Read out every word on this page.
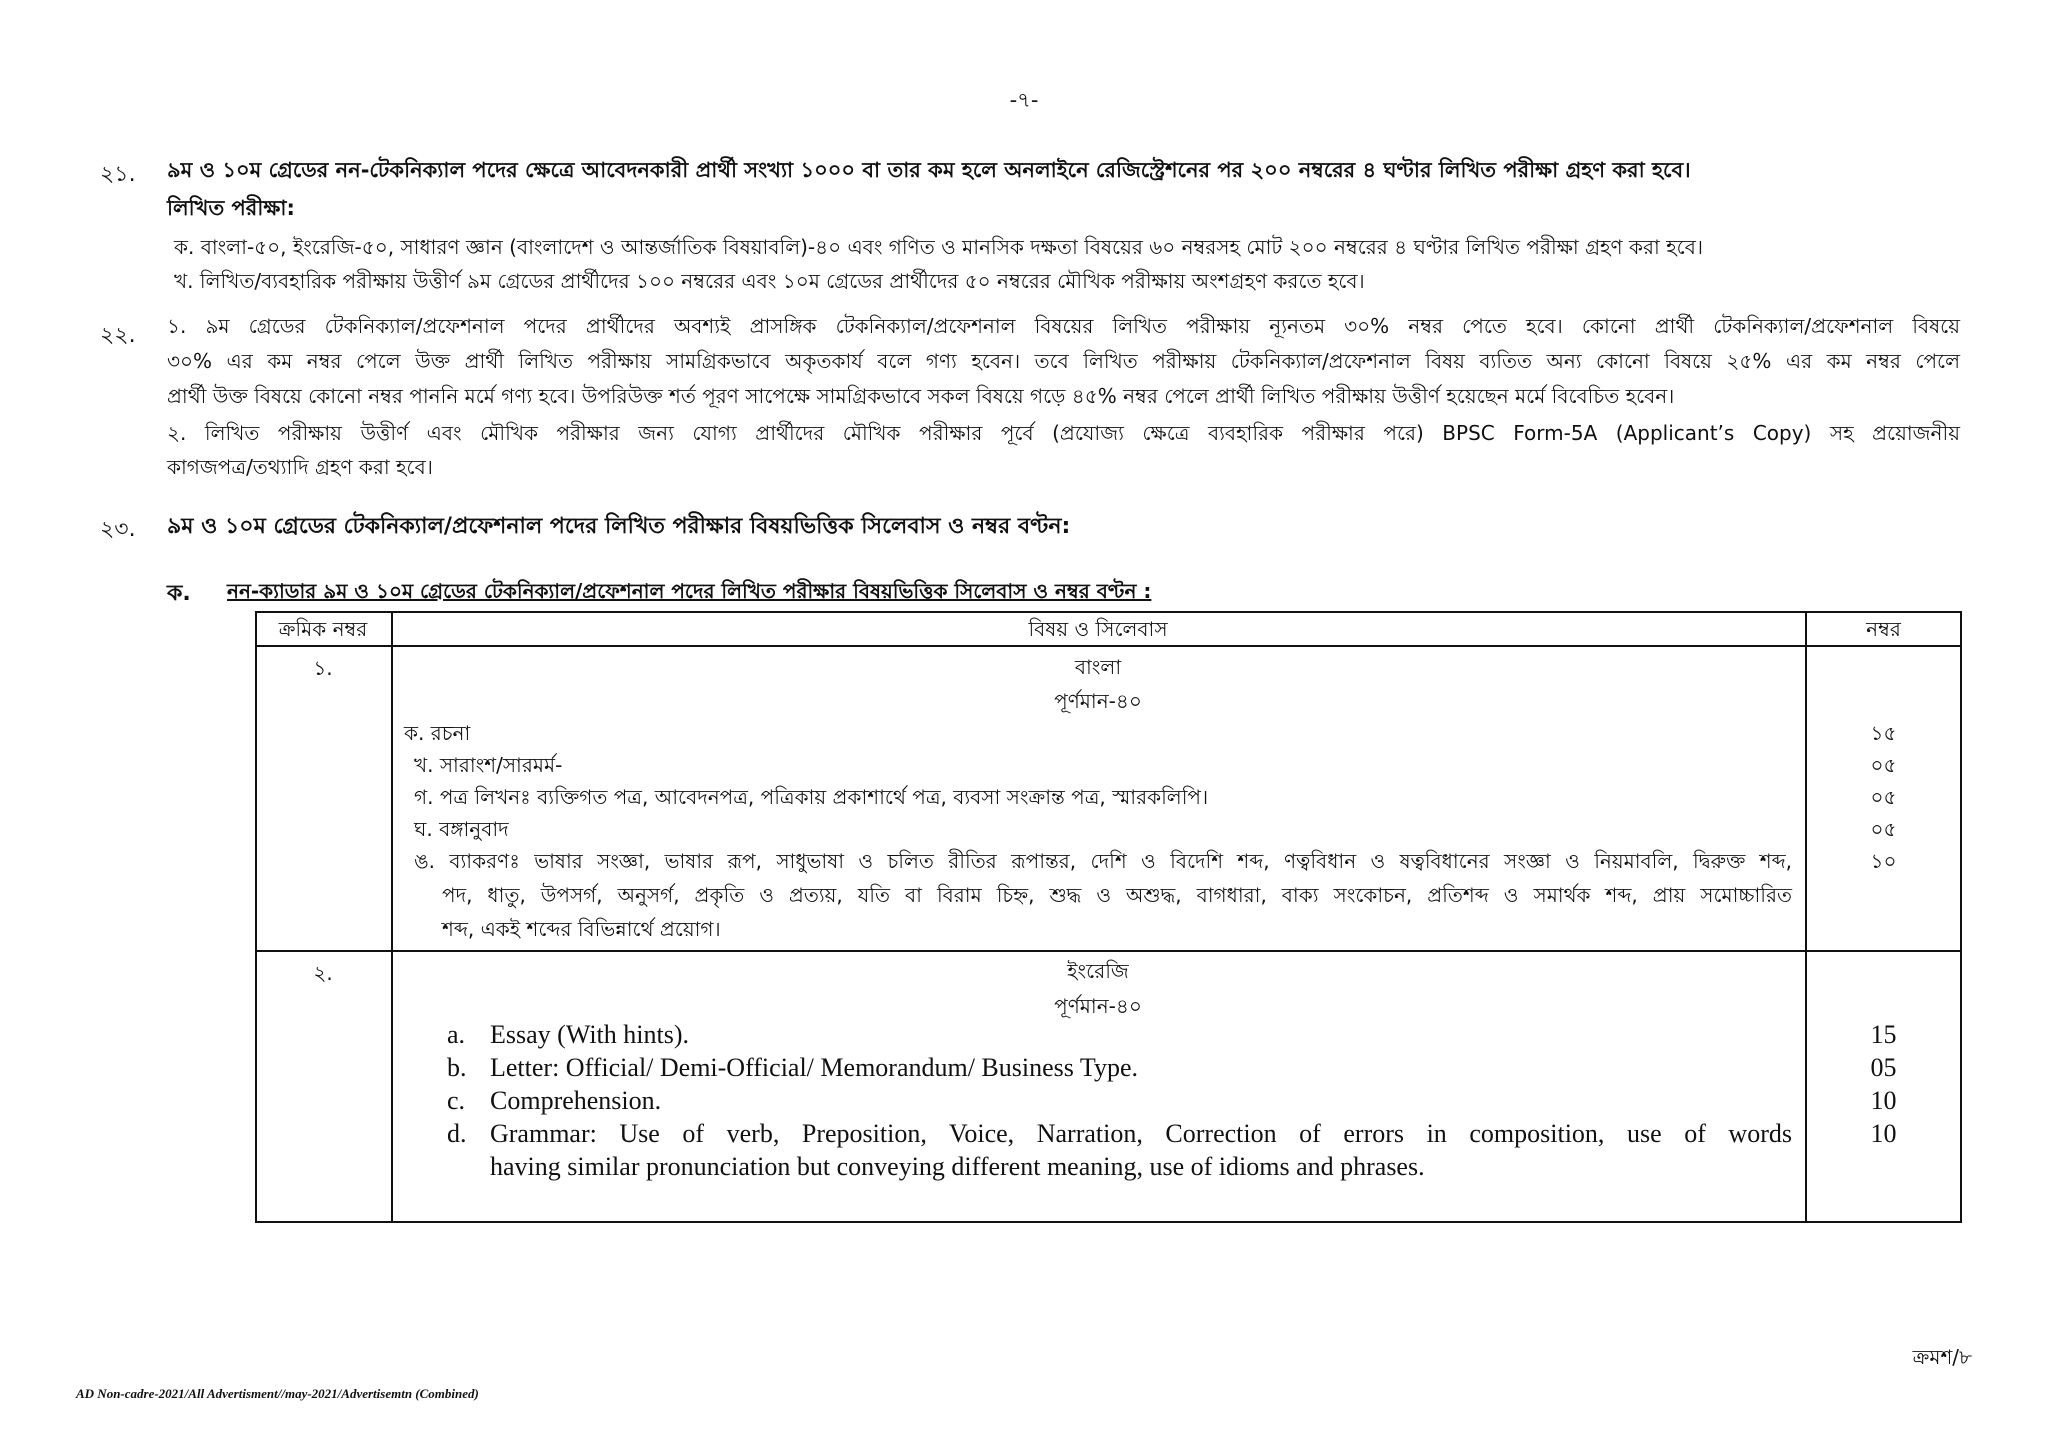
-৭-
২১. ৯ম ও ১০ম গ্রেডের নন-টেকনিক্যাল পদের ক্ষেত্রে আবেদনকারী প্রার্থী সংখ্যা ১০০০ বা তার কম হলে অনলাইনে রেজিস্ট্রেশনের পর ২০০ নম্বরের ৪ ঘণ্টার লিখিত পরীক্ষা গ্রহণ করা হবে।
লিখিত পরীক্ষা:
ক. বাংলা-৫০, ইংরেজি-৫০, সাধারণ জ্ঞান (বাংলাদেশ ও আন্তর্জাতিক বিষয়াবলি)-৪০ এবং গণিত ও মানসিক দক্ষতা বিষয়ের ৬০ নম্বরসহ মোট ২০০ নম্বরের ৪ ঘণ্টার লিখিত পরীক্ষা গ্রহণ করা হবে।
খ. লিখিত/ব্যবহারিক পরীক্ষায় উত্তীর্ণ ৯ম গ্রেডের প্রার্থীদের ১০০ নম্বরের এবং ১০ম গ্রেডের প্রার্থীদের ৫০ নম্বরের মৌখিক পরীক্ষায় অংশগ্রহণ করতে হবে।
২২. ১. ৯ম গ্রেডের টেকনিক্যাল/প্রফেশনাল পদের প্রার্থীদের অবশ্যই প্রাসঙ্গিক টেকনিক্যাল/প্রফেশনাল বিষয়ের লিখিত পরীক্ষায় ন্যূনতম ৩০% নম্বর পেতে হবে। কোনো প্রার্থী টেকনিক্যাল/প্রফেশনাল বিষয়ে
৩০% এর কম নম্বর পেলে উক্ত প্রার্থী লিখিত পরীক্ষায় সামগ্রিকভাবে অকৃতকার্য বলে গণ্য হবেন। তবে লিখিত পরীক্ষায় টেকনিক্যাল/প্রফেশনাল বিষয় ব্যতিত অন্য কোনো বিষয়ে ২৫% এর কম নম্বর পেলে
প্রার্থী উক্ত বিষয়ে কোনো নম্বর পাননি মর্মে গণ্য হবে। উপরিউক্ত শর্ত পূরণ সাপেক্ষে সামগ্রিকভাবে সকল বিষয়ে গড়ে ৪৫% নম্বর পেলে প্রার্থী লিখিত পরীক্ষায় উত্তীর্ণ হয়েছেন মর্মে বিবেচিত হবেন।
২. লিখিত পরীক্ষায় উত্তীর্ণ এবং মৌখিক পরীক্ষার জন্য যোগ্য প্রার্থীদের মৌখিক পরীক্ষার পূর্বে (প্রযোজ্য ক্ষেত্রে ব্যবহারিক পরীক্ষার পরে) BPSC Form-5A (Applicant’s Copy) সহ প্রয়োজনীয়
কাগজপত্র/তথ্যাদি গ্রহণ করা হবে।
২৩. ৯ম ও ১০ম গ্রেডের টেকনিক্যাল/প্রফেশনাল পদের লিখিত পরীক্ষার বিষয়ভিত্তিক সিলেবাস ও নম্বর বণ্টন:
ক. নন-ক্যাডার ৯ম ও ১০ম গ্রেডের টেকনিক্যাল/প্রফেশনাল পদের লিখিত পরীক্ষার বিষয়ভিত্তিক সিলেবাস ও নম্বর বণ্টন :
ক্রমিক নম্বর	বিষয় ও সিলেবাস	নম্বর
১.	বাংলা
পূর্ণমান-৪০
ক. রচনা	১৫
খ. সারাংশ/সারমর্ম-	০৫
গ. পত্র লিখনঃ ব্যক্তিগত পত্র, আবেদনপত্র, পত্রিকায় প্রকাশার্থে পত্র, ব্যবসা সংক্রান্ত পত্র, স্মারকলিপি।	০৫
ঘ. বঙ্গানুবাদ	০৫
ঙ. ব্যাকরণঃ ভাষার সংজ্ঞা, ভাষার রূপ, সাধুভাষা ও চলিত রীতির রূপান্তর, দেশি ও বিদেশি শব্দ, ণত্ববিধান ও ষত্ববিধানের সংজ্ঞা ও নিয়মাবলি, দ্বিরুক্ত শব্দ,	১০
পদ, ধাতু, উপসর্গ, অনুসর্গ, প্রকৃতি ও প্রত্যয়, যতি বা বিরাম চিহ্ন, শুদ্ধ ও অশুদ্ধ, বাগধারা, বাক্য সংকোচন, প্রতিশব্দ ও সমার্থক শব্দ, প্রায় সমোচ্চারিত
শব্দ, একই শব্দের বিভিন্নার্থে প্রয়োগ।
২.	ইংরেজি
পূর্ণমান-৪০
a. Essay (With hints).	15
b. Letter: Official/ Demi-Official/ Memorandum/ Business Type.	05
c. Comprehension.	10
d. Grammar: Use of verb, Preposition, Voice, Narration, Correction of errors in composition, use of words	10
having similar pronunciation but conveying different meaning, use of idioms and phrases.
ক্রমশ/৮
AD Non-cadre-2021/All Advertisment//may-2021/Advertisemtn (Combined)
